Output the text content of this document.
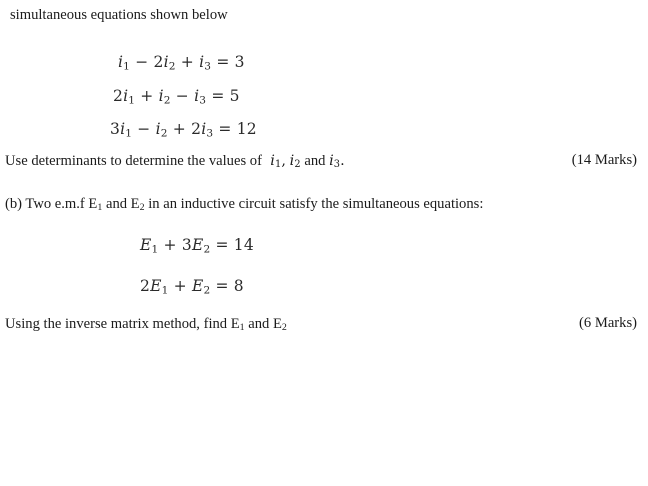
simultaneous equations shown below
$i_1 - 2i_2 + i_3 = 3$
$2i_1 + i_2 - i_3 = 5$
$3i_1 - i_2 + 2i_3 = 12$
Use determinants to determine the values of $i_1$, $i_2$ and $i_3$.	(14 Marks)
(b) Two e.m.f $E_1$ and $E_2$ in an inductive circuit satisfy the simultaneous equations:
$E_1 + 3E_2 = 14$
$2E_1 + E_2 = 8$
Using the inverse matrix method, find $E_1$ and $E_2$	(6 Marks)
